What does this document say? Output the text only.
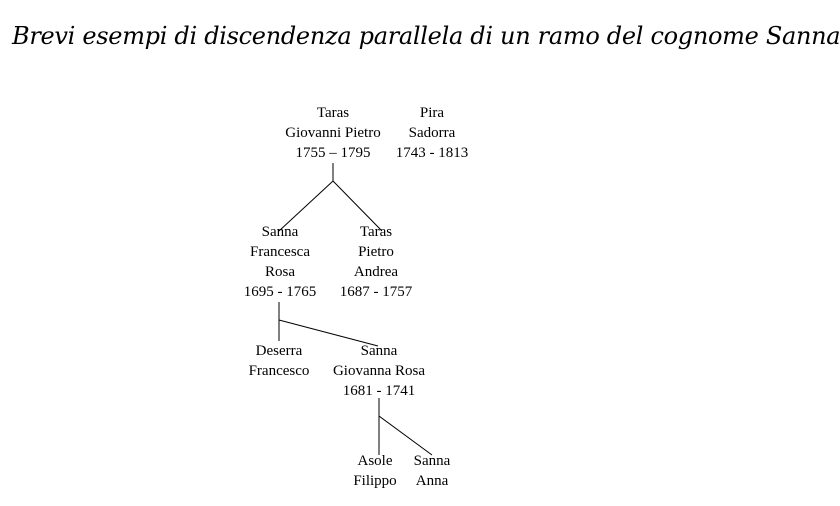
Brevi esempi di discendenza parallela di un ramo del cognome Sanna
Taras
Giovanni Pietro
1755 – 1795
Pira
Sadorra
1743 - 1813
Sanna
Francesca
Rosa
1695 - 1765
Taras
Pietro
Andrea
1687 - 1757
Deserra
Francesco
Sanna
Giovanna Rosa
1681 - 1741
Asole
Filippo
Sanna
Anna
